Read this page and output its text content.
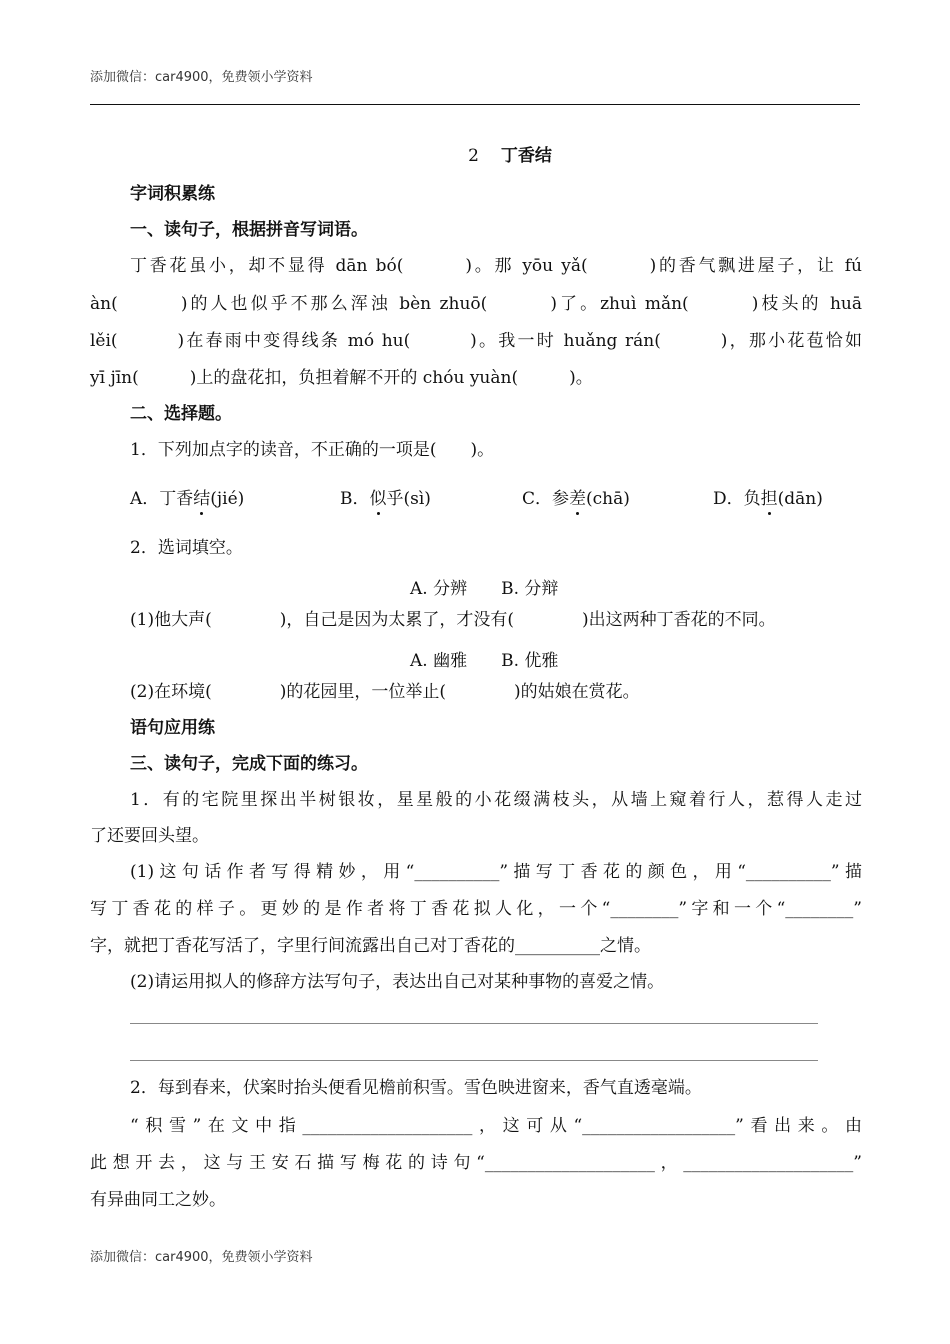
添加微信：car4900，免费领小学资料
2 丁香结
字词积累练
一、读句子，根据拼音写词语。
丁香花虽小，却不显得 dān bó(　　　)。那 yōu yǎ(　　　)的香气飘进屋子，让 fú
àn(　　　)的人也似乎不那么浑浊 bèn zhuō(　　　)了。zhuì mǎn(　　　)枝头的 huā
lěi(　　　)在春雨中变得线条 mó hu(　　　)。我一时 huǎng rán(　　　)，那小花苞恰如
yī jīn(　　　)上的盘花扣，负担着解不开的 chóu yuàn(　　　)。
二、选择题。
1．下列加点字的读音，不正确的一项是(　　)。
A．丁香结(jié)	B．似乎(sì)	C．参差(chā)	D．负担(dān)
2．选词填空。
A. 分辨　　B. 分辩
(1)他大声(　　　　)，自己是因为太累了，才没有(　　　　)出这两种丁香花的不同。
A. 幽雅　　B. 优雅
(2)在环境(　　　　)的花园里，一位举止(　　　　)的姑娘在赏花。
语句应用练
三、读句子，完成下面的练习。
1．有的宅院里探出半树银妆，星星般的小花缀满枝头，从墙上窥着行人，惹得人走过
了还要回头望。
(1)这句话作者写得精妙，用“__________”描写丁香花的颜色，用“__________”描
写丁香花的样子。更妙的是作者将丁香花拟人化，一个“________”字和一个“________”
字，就把丁香花写活了，字里行间流露出自己对丁香花的__________之情。
(2)请运用拟人的修辞方法写句子，表达出自己对某种事物的喜爱之情。
2．每到春来，伏案时抬头便看见檐前积雪。雪色映进窗来，香气直透毫端。
“积雪”在文中指____________________，这可从“__________________”看出来。由
此想开去，这与王安石描写梅花的诗句“____________________，____________________”
有异曲同工之妙。
添加微信：car4900，免费领小学资料
